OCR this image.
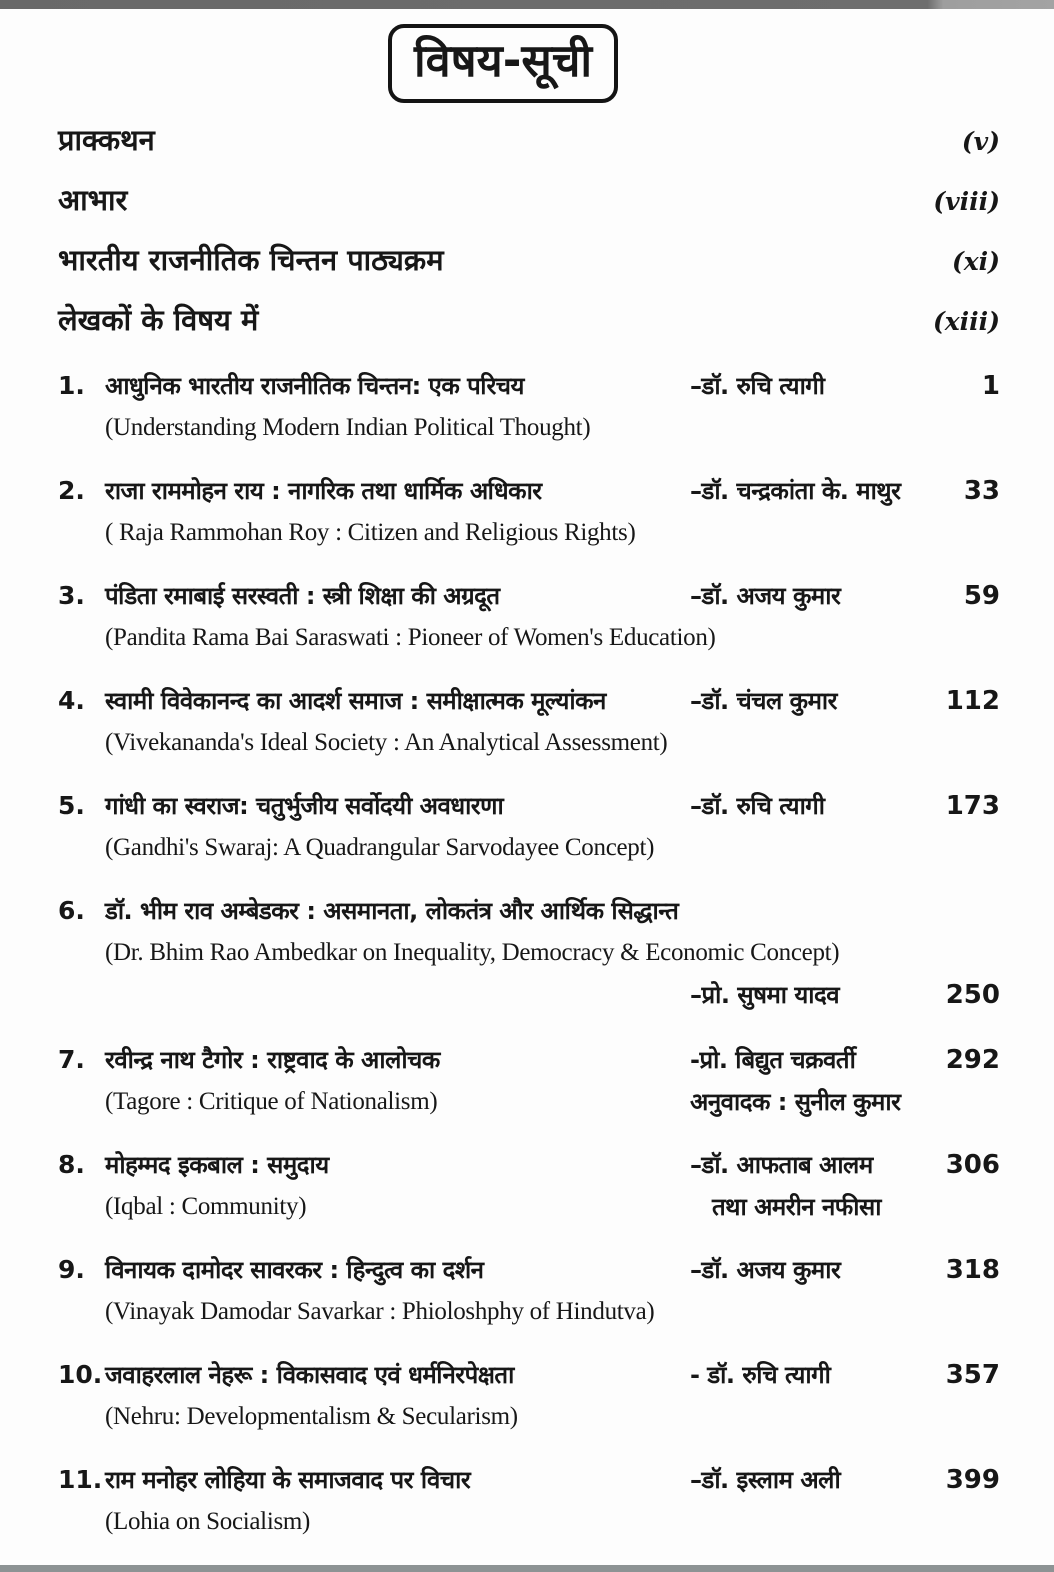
विषय-सूची
प्राक्कथन	(v)
आभार	(viii)
भारतीय राजनीतिक चिन्तन पाठ्यक्रम	(xi)
लेखकों के विषय में	(xiii)
1. आधुनिक भारतीय राजनीतिक चिन्तन: एक परिचय	–डॉ. रुचि त्यागी	1
(Understanding Modern Indian Political Thought)
2. राजा राममोहन राय : नागरिक तथा धार्मिक अधिकार	–डॉ. चन्द्रकांता के. माथुर	33
( Raja Rammohan Roy : Citizen and Religious Rights)
3. पंडिता रमाबाई सरस्वती : स्त्री शिक्षा की अग्रदूत	–डॉ. अजय कुमार	59
(Pandita Rama Bai Saraswati : Pioneer of Women's Education)
4. स्वामी विवेकानन्द का आदर्श समाज : समीक्षात्मक मूल्यांकन	–डॉ. चंचल कुमार	112
(Vivekananda's Ideal Society : An Analytical Assessment)
5. गांधी का स्वराज: चतुर्भुजीय सर्वोदयी अवधारणा	–डॉ. रुचि त्यागी	173
(Gandhi's Swaraj: A Quadrangular Sarvodayee Concept)
6. डॉ. भीम राव अम्बेडकर : असमानता, लोकतंत्र और आर्थिक सिद्धान्त
(Dr. Bhim Rao Ambedkar on Inequality, Democracy & Economic Concept)
–प्रो. सुषमा यादव	250
7. रवीन्द्र नाथ टैगोर : राष्ट्रवाद के आलोचक	-प्रो. बिद्युत चक्रवर्ती	292
(Tagore : Critique of Nationalism)	अनुवादक : सुनील कुमार
8. मोहम्मद इकबाल : समुदाय	–डॉ. आफताब आलम	306
(Iqbal : Community)	तथा अमरीन नफीसा
9. विनायक दामोदर सावरकर : हिन्दुत्व का दर्शन	–डॉ. अजय कुमार	318
(Vinayak Damodar Savarkar : Phioloshphy of Hindutva)
10. जवाहरलाल नेहरू : विकासवाद एवं धर्मनिरपेक्षता	- डॉ. रुचि त्यागी	357
(Nehru: Developmentalism & Secularism)
11. राम मनोहर लोहिया के समाजवाद पर विचार	–डॉ. इस्लाम अली	399
(Lohia on Socialism)
